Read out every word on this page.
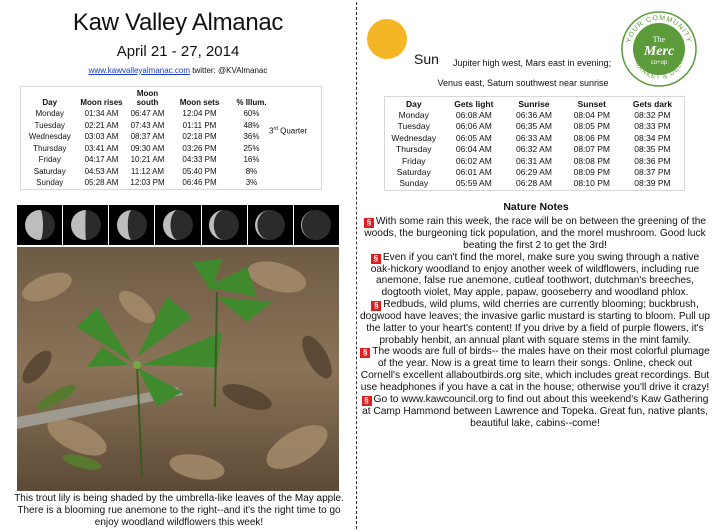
Kaw Valley Almanac
April 21 - 27, 2014
www.kawvalleyalmanac.com twitter: @KVAlmanac
Day	Moon rises	Moon south	Moon sets	% Illum.	
Monday	01:34 AM	06:47 AM	12:04 PM	60%	
Tuesday	02:21 AM	07:43 AM	01:11 PM	48%	
Wednesday	03:03 AM	08:37 AM	02:18 PM	36%	
Thursday	03:41 AM	09:30 AM	03:26 PM	25%	
Friday	04:17 AM	10:21 AM	04:33 PM	16%	
Saturday	04:53 AM	11:12 AM	05:40 PM	8%	
Sunday	05:28 AM	12:03 PM	06:46 PM	3%	
3rd Quarter
This trout lily is being shaded by the umbrella-like leaves of the May apple. There is a blooming rue anemone to the right--and it's the right time to go enjoy woodland wildflowers this week!
Sun Jupiter high west, Mars east in evening;
Venus east, Saturn southwest near sunrise
YOUR COMMUNITY
MARKET & DELI
The
Merc
co+op
Day	Gets light	Sunrise	Sunset	Gets dark
Monday	06:08 AM	06:36 AM	08:04 PM	08:32 PM
Tuesday	06:06 AM	06:35 AM	08:05 PM	08:33 PM
Wednesday	06:05 AM	06:33 AM	08:06 PM	08:34 PM
Thursday	06:04 AM	06:32 AM	08:07 PM	08:35 PM
Friday	06:02 AM	06:31 AM	08:08 PM	08:36 PM
Saturday	06:01 AM	06:29 AM	08:09 PM	08:37 PM
Sunday	05:59 AM	06:28 AM	08:10 PM	08:39 PM
Nature Notes

§ With some rain this week, the race will be on between the greening of the woods, the burgeoning tick population, and the morel mushroom. Good luck beating the first 2 to get the 3rd!

§ Even if you can't find the morel, make sure you swing through a native oak-hickory woodland to enjoy another week of wildflowers, including rue anemone, false rue anemone, cutleaf toothwort, dutchman's breeches, dogtooth violet, May apple, papaw, gooseberry and woodland phlox.

§ Redbuds, wild plums, wild cherries are currently blooming; buckbrush, dogwood have leaves; the invasive garlic mustard is starting to bloom. Pull up the latter to your heart's content! If you drive by a field of purple flowers, it's probably henbit, an annual plant with square stems in the mint family.

§ The woods are full of birds-- the males have on their most colorful plumage of the year. Now is a great time to learn their songs. Online, check out Cornell's excellent allaboutbirds.org site, which includes great recordings. But use headphones if you have a cat in the house; otherwise you'll drive it crazy!

§ Go to www.kawcouncil.org to find out about this weekend's Kaw Gathering at Camp Hammond between Lawrence and Topeka. Great fun, native plants, beautiful lake, cabins--come!
